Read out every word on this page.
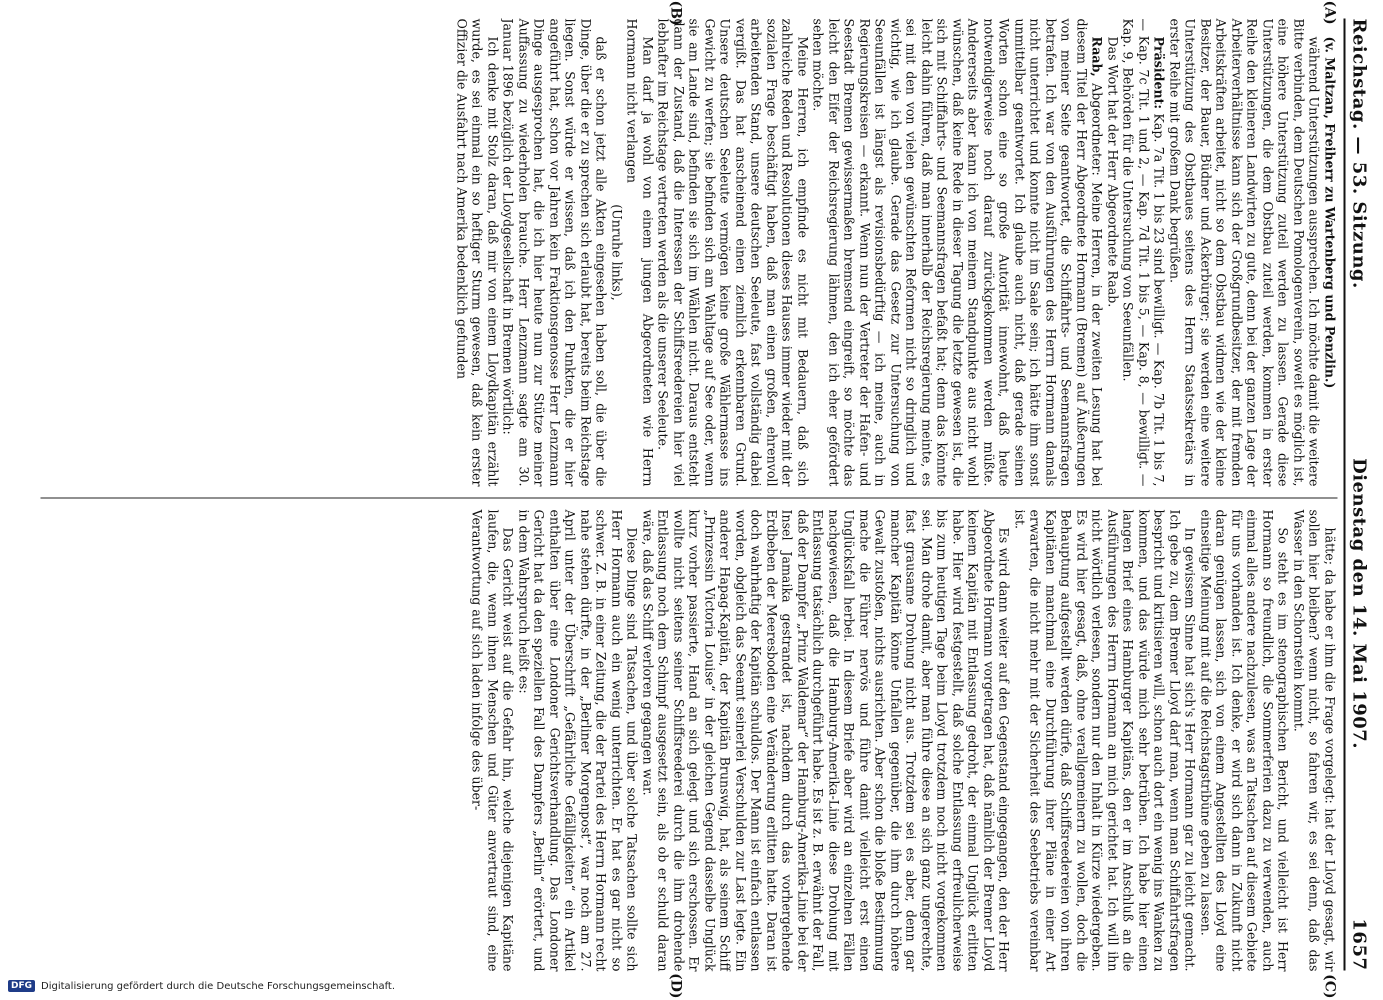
Reichstag. — 53. Sitzung.
Dienstag den 14. Mai 1907.
1657
(A)
(B)
(C)
(D)

(v. Maltzan, Freiherr zu Wartenberg und Penzlin.)

während Unterstützungen aussprechen. Ich möchte damit die weitere Bitte verbinden, dem Deutschen Pomologenverein, soweit es möglich ist, eine höhere Unterstützung zuteil werden zu lassen. Gerade diese Unterstützungen, die dem Obstbau zuteil werden, kommen in erster Reihe den kleineren Landwirten zu gute, denn bei der ganzen Lage der Arbeiterverhältnisse kann sich der Großgrundbesitzer, der mit fremden Arbeitskräften arbeitet, nicht so dem Obstbau widmen wie der kleine Besitzer, der Bauer, Büdner und Ackerbürger; sie werden eine weitere Unterstützung des Obstbaues seitens des Herrn Staatssekretärs in erster Reihe mit großem Dank begrüßen.

Präsident: Kap. 7a Tit. 1 bis 23 sind bewilligt. — Kap. 7b Tit. 1 bis 7, — Kap. 7c Tit. 1 und 2, — Kap. 7d Tit. 1 bis 5, — Kap. 8, — bewilligt. — Kap. 9, Behörden für die Untersuchung von Seeunfällen.

Das Wort hat der Herr Abgeordnete Raab.

Raab, Abgeordneter: Meine Herren, in der zweiten Lesung hat bei diesem Titel der Herr Abgeordnete Hormann (Bremen) auf Äußerungen von meiner Seite geantwortet, die Schiffahrts- und Seemannsfragen betrafen. Ich war von den Ausführungen des Herrn Hormann damals nicht unterrichtet und konnte nicht im Saale sein; ich hätte ihm sonst unmittelbar geantwortet. Ich glaube auch nicht, daß gerade seinen Worten schon eine so große Autorität innewohnt, daß heute notwendigerweise noch darauf zurückgekommen werden müßte. Andererseits aber kann ich von meinem Standpunkte aus nicht wohl wünschen, daß keine Rede in dieser Tagung die letzte gewesen ist, die sich mit Schiffahrts- und Seemannsfragen befaßt hat; denn das könnte leicht dahin führen, daß man innerhalb der Reichsregierung meinte, es sei mit den von vielen gewünschten Reformen nicht so dringlich und wichtig, wie ich glaube. Gerade das Gesetz zur Untersuchung von Seeunfällen ist längst als revisionsbedürftig — ich meine, auch in Regierungskreisen — erkannt. Wenn nun der Vertreter der Hafen- und Seestadt Bremen gewissermaßen bremsend eingreift, so möchte das leicht den Eifer der Reichsregierung lähmen, den ich eher gefördert sehen möchte.

Meine Herren, ich empfinde es nicht mit Bedauern, daß sich zahlreiche Reden und Resolutionen dieses Hauses immer wieder mit der sozialen Frage beschäftigt haben, daß man einen großen, ehrenvoll arbeitenden Stand, unsere deutschen Seeleute, fast vollständig dabei vergißt. Das hat anscheinend einen ziemlich erkennbaren Grund. Unsere deutschen Seeleute vermögen keine große Wählermasse ins Gewicht zu werfen; sie befinden sich am Wahltage auf See oder, wenn sie am Lande sind, befinden sie sich im Wählen nicht. Daraus entsteht dann der Zustand, daß die Interessen der Schiffsreedereien hier viel lebhafter im Reichstage vertreten werden als die unserer Seeleute.

Man darf ja wohl von einem jungen Abgeordneten wie Herrn Hormann nicht verlangen

(Unruhe links),

daß er schon jetzt alle Akten eingesehen haben soll, die über die Dinge, über die er zu sprechen sich erlaubt hat, bereits beim Reichstage liegen. Sonst würde er wissen, daß ich den Punkten, die er hier angeführt hat, schon vor Jahren kein Fraktionsgenosse Herr Lenzmann Dinge ausgesprochen hat, die ich hier heute nun zur Stütze meiner Auffassung zu wiederholen brauche. Herr Lenzmann sagte am 30. Januar 1896 bezüglich der Lloydgesellschaft in Bremen wörtlich:

Ich denke mit Stolz daran, daß mir von einem Lloydkapitän erzählt wurde, es sei einmal ein so heftiger Sturm gewesen, daß kein erster Offizier die Ausfahrt nach Amerika bedenklich gefunden

hätte; da habe er ihm die Frage vorgelegt: hat der Lloyd gesagt, wir sollen hier bleiben? wenn nicht, so fahren wir, es sei denn, daß das Wasser in den Schornstein kommt.

So steht es im stenographischen Bericht, und vielleicht ist Herr Hormann so freundlich, die Sommerferien dazu zu verwenden, auch einmal alles andere nachzulesen, was an Tatsachen auf diesem Gebiete für uns vorhanden ist. Ich denke, er wird sich dann in Zukunft nicht daran genügen lassen, sich von einem Angestellten des Lloyd eine einseitige Meinung mit auf die Reichstagstribüne geben zu lassen.

In gewissem Sinne hat sich's Herr Hormann gar zu leicht gemacht. Ich gebe zu, dem Bremer Lloyd darf man, wenn man Schiffahrtsfragen bespricht und kritisieren will, schon auch dort ein wenig ins Wanken zu kommen, und das würde mich sehr betrüben. Ich habe hier einen langen Brief eines Hamburger Kapitäns, den er im Anschluß an die Ausführungen des Herrn Hormann an mich gerichtet hat. Ich will ihn nicht wörtlich verlesen, sondern nur den Inhalt in Kürze wiedergeben. Es wird hier gesagt, daß, ohne verallgemeinern zu wollen, doch die Behauptung aufgestellt werden dürfe, daß Schiffsreedereien von ihren Kapitänen manchmal eine Durchführung ihrer Pläne in einer Art erwarten, die nicht mehr mit der Sicherheit des Seebetriebs vereinbar ist.

Es wird dann weiter auf den Gegenstand eingegangen, den der Herr Abgeordnete Hormann vorgetragen hat, daß nämlich der Bremer Lloyd keinem Kapitän mit Entlassung gedroht, der einmal Unglück erlitten habe. Hier wird festgestellt, daß solche Entlassung erfreulicherweise bis zum heutigen Tage beim Lloyd trotzdem noch nicht vorgekommen sei. Man drohe damit, aber man führe diese an sich ganz ungerechte, fast grausame Drohung nicht aus. Trotzdem sei es aber, denn gar mancher Kapitän könne Unfallen gegenüber, die ihm durch höhere Gewalt zustoßen, nichts ausrichten. Aber schon die bloße Bestimmung mache die Führer nervös und führe damit vielleicht erst einen Unglücksfall herbei. In diesem Briefe aber wird an einzelnen Fällen nachgewiesen, daß die Hamburg-Amerika-Linie diese Drohung mit Entlassung tatsächlich durchgeführt habe. Es ist z. B. erwähnt der Fall, daß der Dampfer „Prinz Waldemar“ der Hamburg-Amerika-Linie bei der Insel Jamaika gestrandet ist, nachdem durch das vorhergehende Erdbeben der Meeresboden eine Veränderung erlitten hatte. Daran ist doch wahrhaftig der Kapitän schuldlos. Der Mann ist einfach entlassen worden, obgleich das Seeamt seinerlei Verschulden zur Last legte. Ein anderer Hapag-Kapitän, der Kapitän Brunswig, hat, als seinem Schiff „Prinzessin Victoria Louise“ in der gleichen Gegend dasselbe Unglück kurz vorher passierte, Hand an sich gelegt und sich erschossen. Er wollte nicht seitens seiner Schiffsreederei durch die ihm drohende Entlassung noch dem Schimpf ausgesetzt sein, als ob er schuld daran wäre, daß das Schiff verloren gegangen war.

Diese Dinge sind Tatsachen, und über solche Tatsachen sollte sich Herr Hormann auch ein wenig unterrichten. Er hat es gar nicht so schwer. Z. B. in einer Zeitung, die der Partei des Herrn Hormann recht nahe stehen dürfte, in der „Berliner Morgenpost“, war noch am 27. April unter der Überschrift „Gefährliche Gefälligkeiten“ ein Artikel enthalten über eine Londoner Gerichtsverhandlung. Das Londoner Gericht hat da den speziellen Fall des Dampfers „Berlin“ erörtert, und in dem Wahrspruch heißt es:

Das Gericht weist auf die Gefahr hin, welche diejenigen Kapitäne laufen, die, wenn ihnen Menschen und Güter anvertraut sind, eine Verantwortung auf sich laden infolge des über-

DFG Digitalisierung gefördert durch die Deutsche Forschungsgemeinschaft.
